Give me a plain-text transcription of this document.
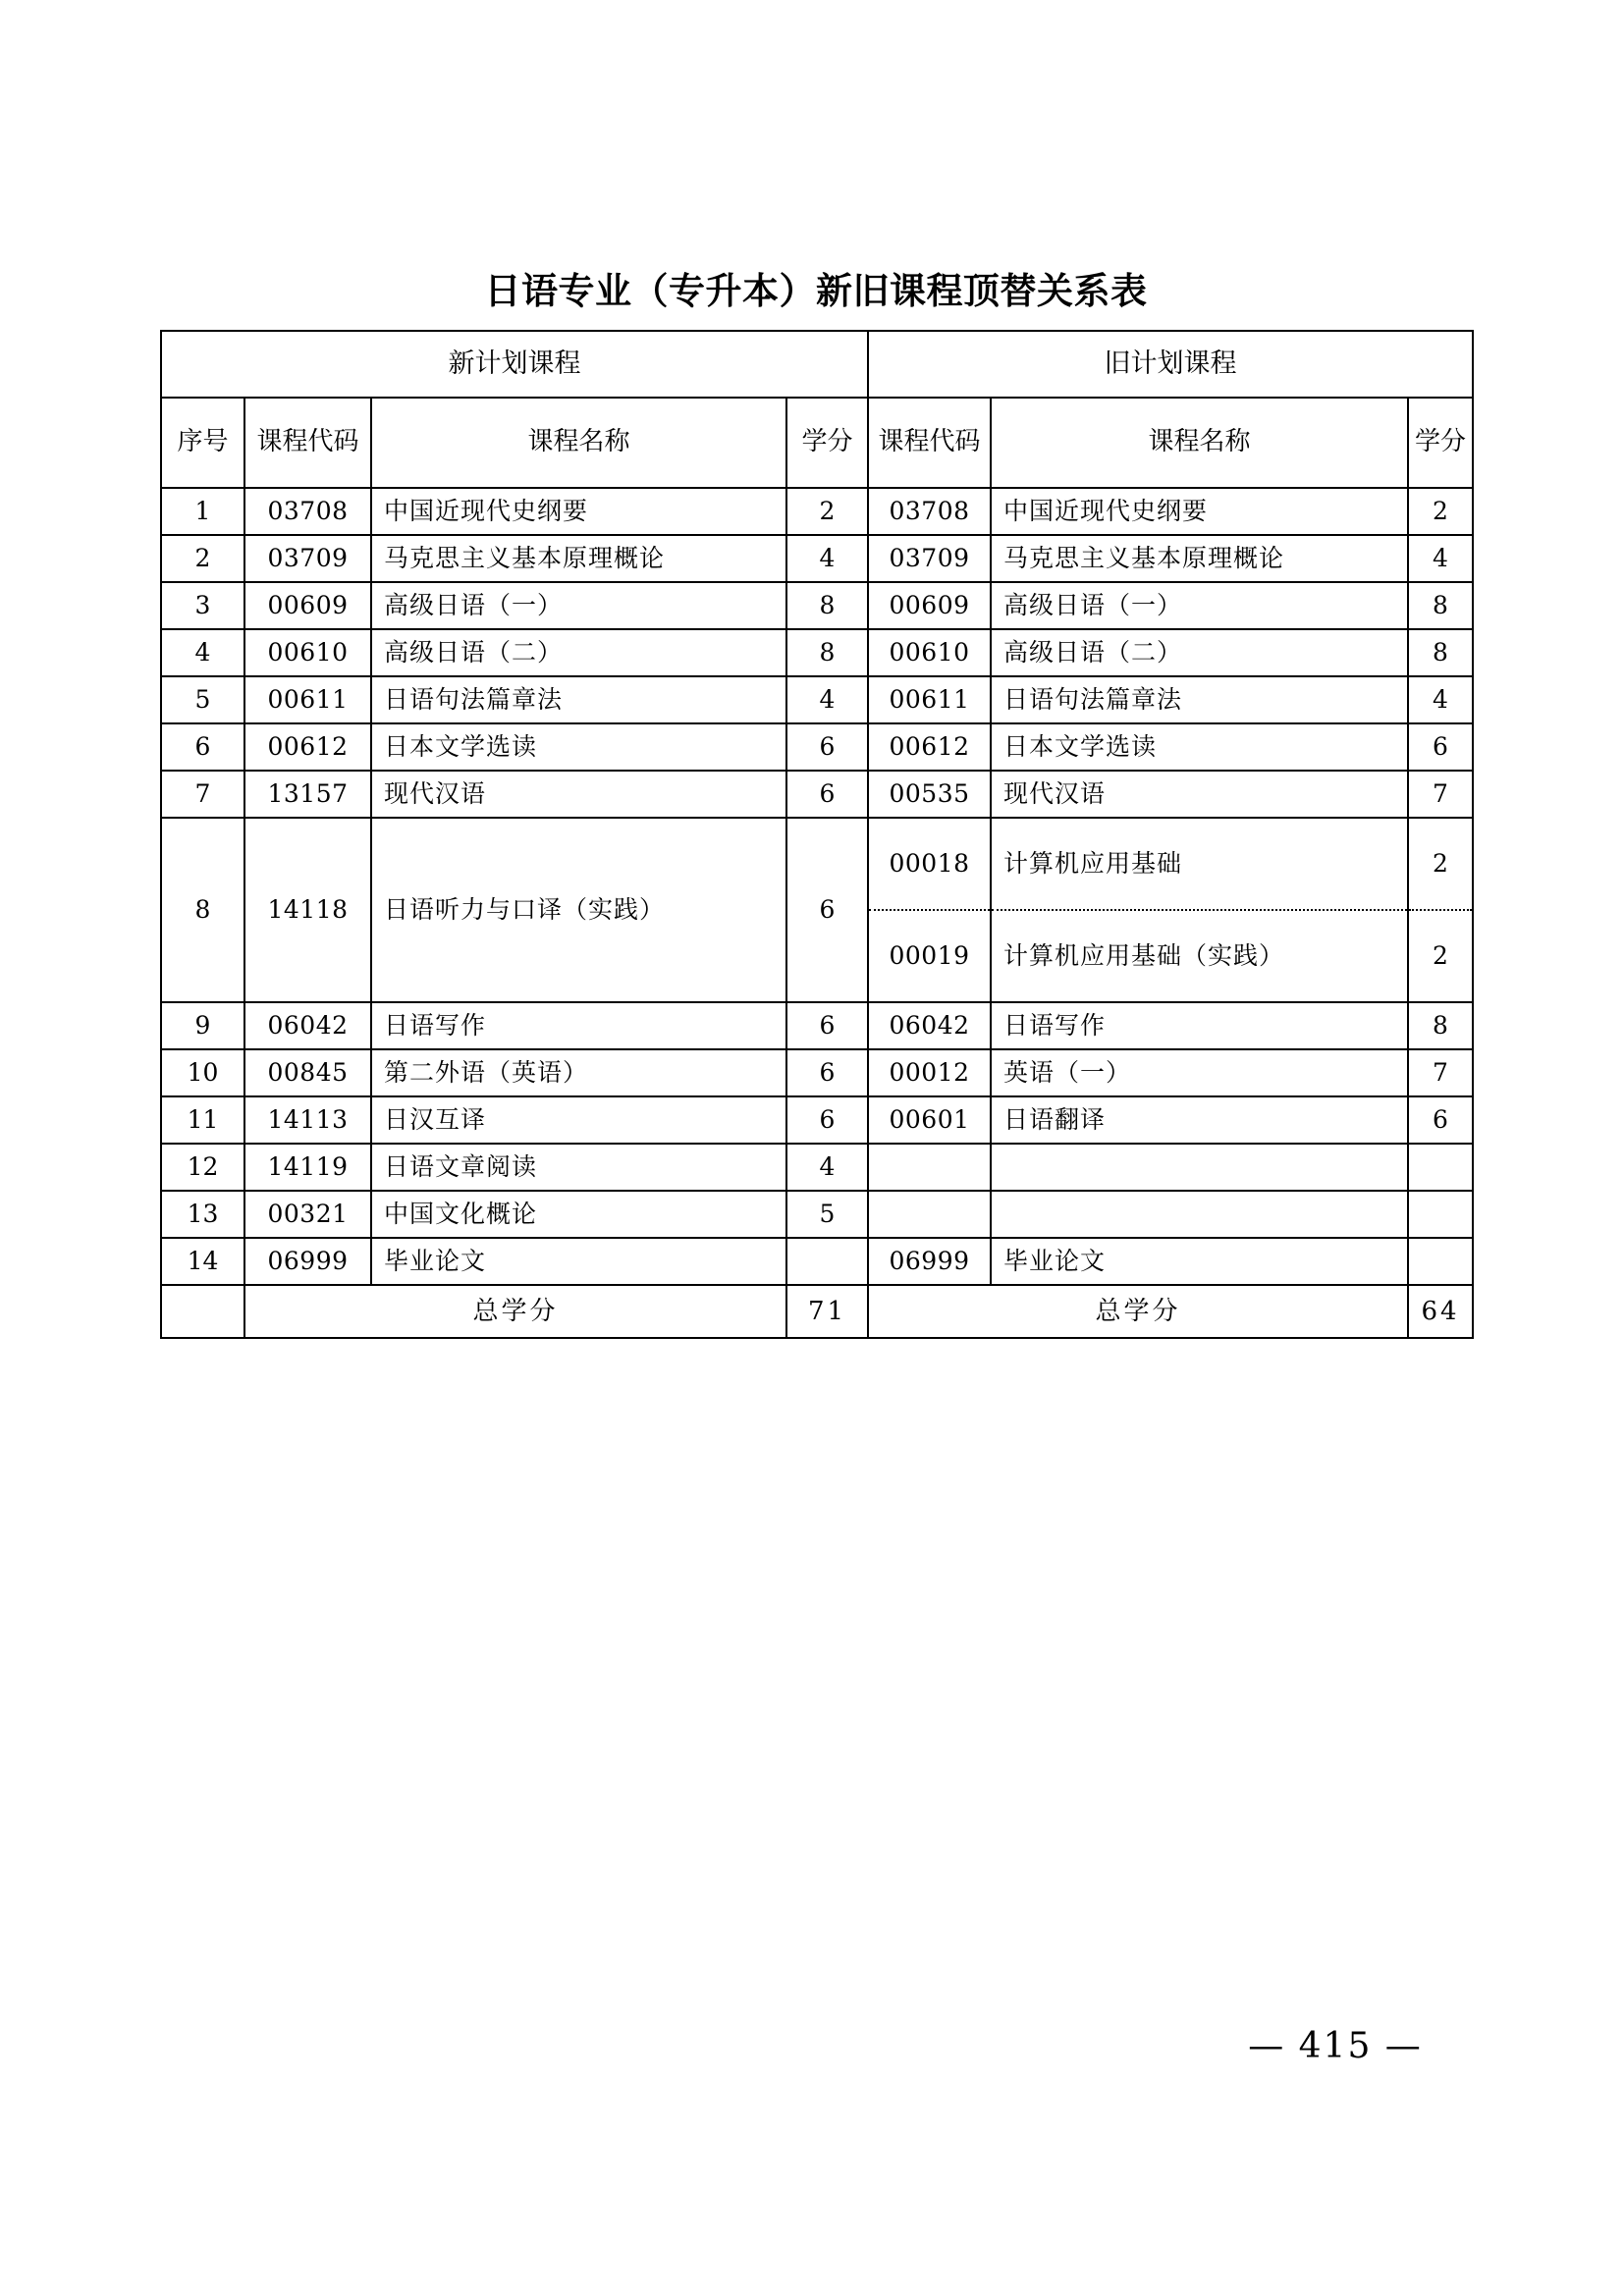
日语专业（专升本）新旧课程顶替关系表
新计划课程				旧计划课程		
序号	课程代码	课程名称	学分	课程代码	课程名称	学分
1	03708	中国近现代史纲要	2	03708	中国近现代史纲要	2
2	03709	马克思主义基本原理概论	4	03709	马克思主义基本原理概论	4
3	00609	高级日语（一）	8	00609	高级日语（一）	8
4	00610	高级日语（二）	8	00610	高级日语（二）	8
5	00611	日语句法篇章法	4	00611	日语句法篇章法	4
6	00612	日本文学选读	6	00612	日本文学选读	6
7	13157	现代汉语	6	00535	现代汉语	7
8	14118	日语听力与口译（实践）	6	00018	计算机应用基础	2
				00019	计算机应用基础（实践）	2
9	06042	日语写作	6	06042	日语写作	8
10	00845	第二外语（英语）	6	00012	英语（一）	7
11	14113	日汉互译	6	00601	日语翻译	6
12	14119	日语文章阅读	4			
13	00321	中国文化概论	5			
14	06999	毕业论文		06999	毕业论文	
	总学分		71	总学分		64
— 415 —
